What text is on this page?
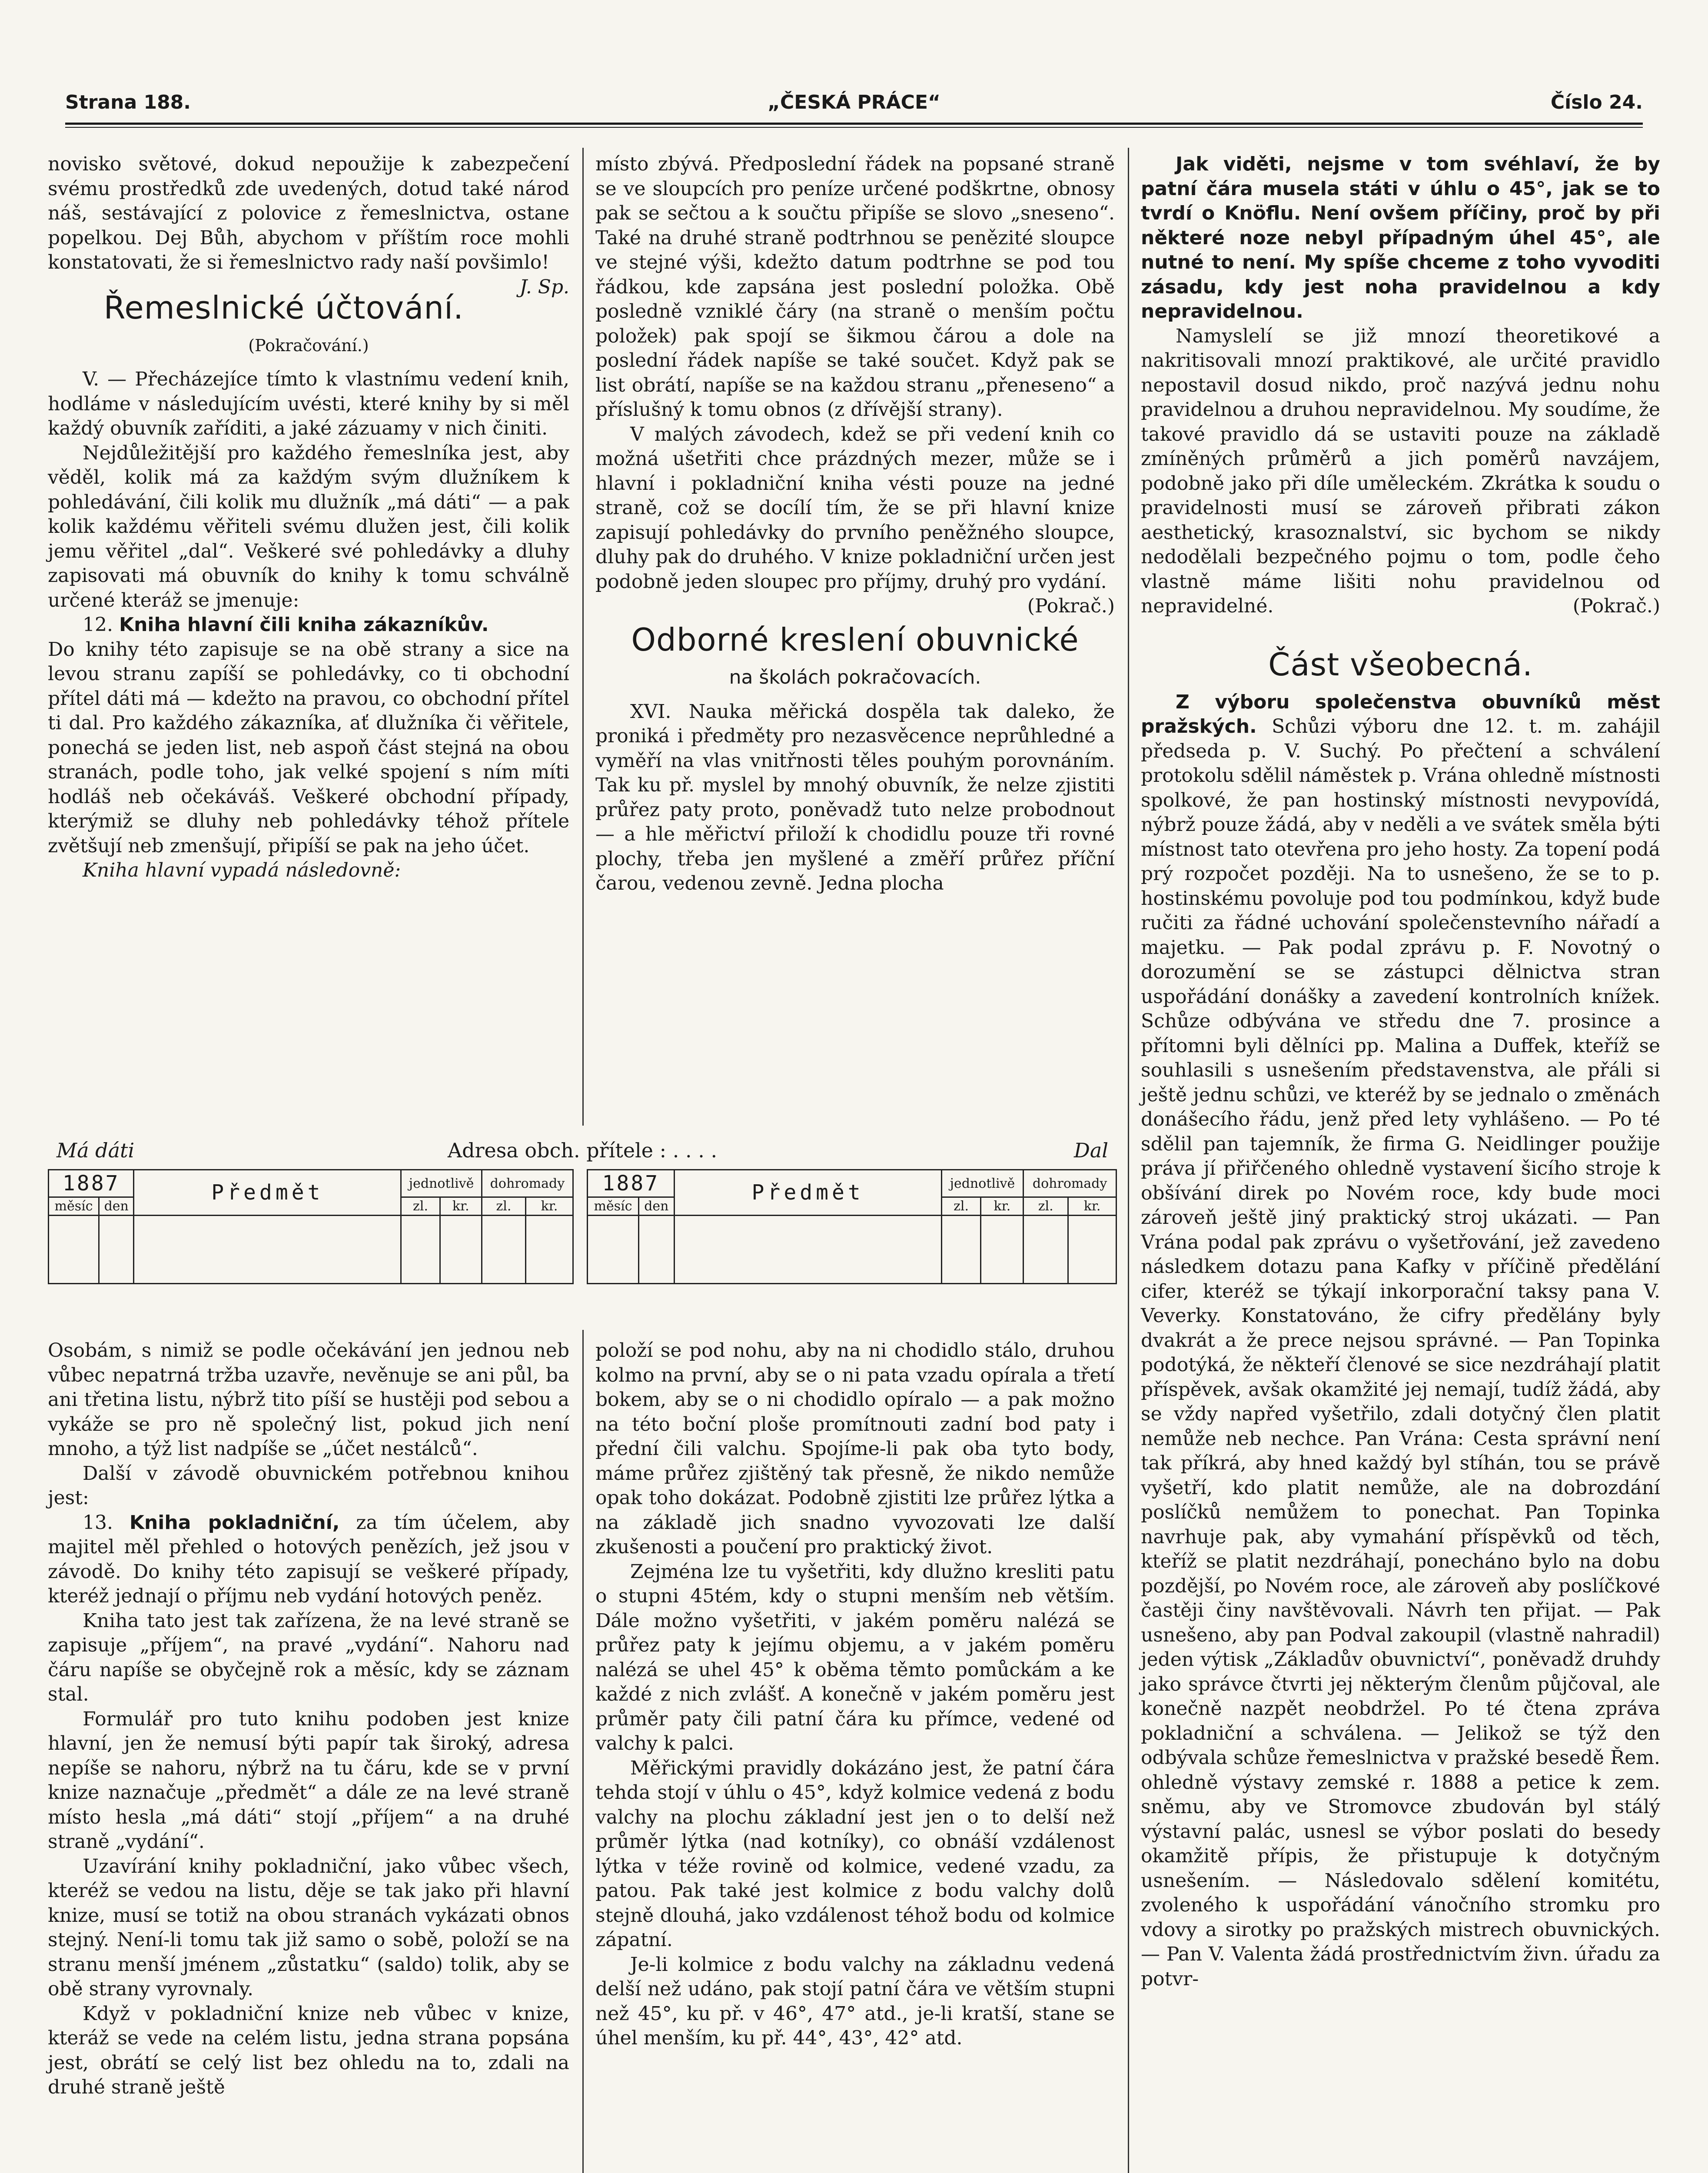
Strana 188.	„ČESKÁ PRÁCE“	Číslo 24.

novisko světové, dokud nepoužije k zabezpečení svému prostředků zde uvedených, dotud také národ náš, sestávající z polovice z řemeslnictva, ostane popelkou. Dej Bůh, abychom v příštím roce mohli konstatovati, že si řemeslnictvo rady naší povšimlo!
J. Sp.

Řemeslnické účtování.
(Pokračování.)

V. — Přecházejíce tímto k vlastnímu vedení knih, hodláme v následujícím uvésti, které knihy by si měl každý obuvník zaříditi, a jaké zázuamy v nich činiti.

Nejdůležitější pro každého řemeslníka jest, aby věděl, kolik má za každým svým dlužníkem k pohledávání, čili kolik mu dlužník „má dáti“ — a pak kolik každému věřiteli svému dlužen jest, čili kolik jemu věřitel „dal“. Veškeré své pohledávky a dluhy zapisovati má obuvník do knihy k tomu schválně určené kteráž se jmenuje:

12. Kniha hlavní čili kniha zákazníkův.

Do knihy této zapisuje se na obě strany a sice na levou stranu zapíší se pohledávky, co ti obchodní přítel dáti má — kdežto na pravou, co obchodní přítel ti dal. Pro každého zákazníka, ať dlužníka či věřitele, ponechá se jeden list, neb aspoň část stejná na obou stranách, podle toho, jak velké spojení s ním míti hodláš neb očekáváš. Veškeré obchodní případy, kterýmiž se dluhy neb pohledávky téhož přítele zvětšují neb zmenšují, připíší se pak na jeho účet.

Kniha hlavní vypadá následovně:

místo zbývá. Předposlední řádek na popsané straně se ve sloupcích pro peníze určené podškrtne, obnosy pak se sečtou a k součtu připíše se slovo „sneseno“. Také na druhé straně podtrhnou se penězité sloupce ve stejné výši, kdežto datum podtrhne se pod tou řádkou, kde zapsána jest poslední položka. Obě posledně vzniklé čáry (na straně o menším počtu položek) pak spojí se šikmou čárou a dole na poslední řádek napíše se také součet. Když pak se list obrátí, napíše se na každou stranu „přeneseno“ a příslušný k tomu obnos (z dřívější strany).

V malých závodech, kdež se při vedení knih co možná ušetřiti chce prázdných mezer, může se i hlavní i pokladniční kniha vésti pouze na jedné straně, což se docílí tím, že se při hlavní knize zapisují pohledávky do prvního peněžného sloupce, dluhy pak do druhého. V knize pokladniční určen jest podobně jeden sloupec pro příjmy, druhý pro vydání.
(Pokrač.)

Odborné kreslení obuvnické
na školách pokračovacích.

XVI. Nauka měřická dospěla tak daleko, že proniká i předměty pro nezasvěcence neprůhledné a vyměří na vlas vnitřnosti těles pouhým porovnáním. Tak ku př. myslel by mnohý obuvník, že nelze zjistiti průřez paty proto, poněvadž tuto nelze probodnout — a hle měřictví přiloží k chodidlu pouze tři rovné plochy, třeba jen myšlené a změří průřez příční čarou, vedenou zevně. Jedna plocha

Jak viděti, nejsme v tom svéhlaví, že by patní čára musela státi v úhlu o 45°, jak se to tvrdí o Knöflu. Není ovšem příčiny, proč by při některé noze nebyl případným úhel 45°, ale nutné to není. My spíše chceme z toho vyvoditi zásadu, kdy jest noha pravidelnou a kdy nepravidelnou.

Namyslelí se již mnozí theoretikové a nakritisovali mnozí praktikové, ale určité pravidlo nepostavil dosud nikdo, proč nazývá jednu nohu pravidelnou a druhou nepravidelnou. My soudíme, že takové pravidlo dá se ustaviti pouze na základě zmíněných průměrů a jich poměrů navzájem, podobně jako při díle uměleckém. Zkrátka k soudu o pravidelnosti musí se zároveň přibrati zákon aesthetický, krasoznalství, sic bychom se nikdy nedodělali bezpečného pojmu o tom, podle čeho vlastně máme lišiti nohu pravidelnou od nepravidelné.	(Pokrač.)

Část všeobecná.

Z výboru společenstva obuvníků měst pražských. Schůzi výboru dne 12. t. m. zahájil předseda p. V. Suchý. Po přečtení a schválení protokolu sdělil náměstek p. Vrána ohledně místnosti spolkové, že pan hostinský místnosti nevypovídá, nýbrž pouze žádá, aby v neděli a ve svátek směla býti místnost tato otevřena pro jeho hosty. Za topení podá prý rozpočet později. Na to usnešeno, že se to p. hostinskému povoluje pod tou podmínkou, když bude ručiti za řádné uchování společenstevního nářadí a majetku. — Pak podal zprávu p. F. Novotný o dorozumění se se zástupci dělnictva stran uspořádání donášky a zavedení kontrolních knížek. Schůze odbývána ve středu dne 7. prosince a přítomni byli dělníci pp. Malina a Duffek, kteříž se souhlasili s usnešením představenstva, ale přáli si ještě jednu schůzi, ve kteréž by se jednalo o změnách donášecího řádu, jenž před lety vyhlášeno. — Po té sdělil pan tajemník, že firma G. Neidlinger použije práva jí přiřčeného ohledně vystavení šicího stroje k obšívání direk po Novém roce, kdy bude moci zároveň ještě jiný praktický stroj ukázati. — Pan Vrána podal pak zprávu o vyšetřování, jež zavedeno následkem dotazu pana Kafky v příčině předělání cifer, kteréž se týkají inkorporační taksy pana V. Veverky. Konstatováno, že cifry předělány byly dvakrát a že prece nejsou správné. — Pan Topinka podotýká, že někteří členové se sice nezdráhají platit příspěvek, avšak okamžité jej nemají, tudíž žádá, aby se vždy napřed vyšetřilo, zdali dotyčný člen platit nemůže neb nechce. Pan Vrána: Cesta správní není tak příkrá, aby hned každý byl stíhán, tou se právě vyšetří, kdo platit nemůže, ale na dobrozdání poslíčků nemůžem to ponechat. Pan Topinka navrhuje pak, aby vymahání příspěvků od těch, kteříž se platit nezdráhají, ponecháno bylo na dobu pozdější, po Novém roce, ale zároveň aby poslíčkové častěji činy navštěvovali. Návrh ten přijat. — Pak usnešeno, aby pan Podval zakoupil (vlastně nahradil) jeden výtisk „Základův obuvnictví“, poněvadž druhdy jako správce čtvrti jej některým členům půjčoval, ale konečně nazpět neobdržel. Po té čtena zpráva pokladniční a schválena. — Jelikož se týž den odbývala schůze řemeslnictva v pražské besedě Řem. ohledně výstavy zemské r. 1888 a petice k zem. sněmu, aby ve Stromovce zbudován byl stálý výstavní palác, usnesl se výbor poslati do besedy okamžitě přípis, že přistupuje k dotyčným usnešením. — Následovalo sdělení komitétu, zvoleného k uspořádání vánočního stromku pro vdovy a sirotky po pražských mistrech obuvnických. — Pan V. Valenta žádá prostřednictvím živn. úřadu za potvr-

Má dáti	Adresa obch. přítele : . . . .	Dal
1887		Předmět	jednotlivě		dohromady	
měsíc	den		zl.	kr.	zl.	kr.

1887		Předmět	jednotlivě		dohromady	
měsíc	den		zl.	kr.	zl.	kr.

Osobám, s nimiž se podle očekávání jen jednou neb vůbec nepatrná tržba uzavře, nevěnuje se ani půl, ba ani třetina listu, nýbrž tito píší se hustěji pod sebou a vykáže se pro ně společný list, pokud jich není mnoho, a týž list nadpíše se „účet nestálců“.

Další v závodě obuvnickém potřebnou knihou jest:

13. Kniha pokladniční, za tím účelem, aby majitel měl přehled o hotových penězích, jež jsou v závodě. Do knihy této zapisují se veškeré případy, kteréž jednají o příjmu neb vydání hotových peněz.

Kniha tato jest tak zařízena, že na levé straně se zapisuje „příjem“, na pravé „vydání“. Nahoru nad čáru napíše se obyčejně rok a měsíc, kdy se záznam stal.

Formulář pro tuto knihu podoben jest knize hlavní, jen že nemusí býti papír tak široký, adresa nepíše se nahoru, nýbrž na tu čáru, kde se v první knize naznačuje „předmět“ a dále ze na levé straně místo hesla „má dáti“ stojí „příjem“ a na druhé straně „vydání“.

Uzavírání knihy pokladniční, jako vůbec všech, kteréž se vedou na listu, děje se tak jako při hlavní knize, musí se totiž na obou stranách vykázati obnos stejný. Není-li tomu tak již samo o sobě, položí se na stranu menší jménem „zůstatku“ (saldo) tolik, aby se obě strany vyrovnaly.

Když v pokladniční knize neb vůbec v knize, kteráž se vede na celém listu, jedna strana popsána jest, obrátí se celý list bez ohledu na to, zdali na druhé straně ještě

položí se pod nohu, aby na ni chodidlo stálo, druhou kolmo na první, aby se o ni pata vzadu opírala a třetí bokem, aby se o ni chodidlo opíralo — a pak možno na této boční ploše promítnouti zadní bod paty i přední čili valchu. Spojíme-li pak oba tyto body, máme průřez zjištěný tak přesně, že nikdo nemůže opak toho dokázat. Podobně zjistiti lze průřez lýtka a na základě jich snadno vyvozovati lze další zkušenosti a poučení pro praktický život.

Zejména lze tu vyšetřiti, kdy dlužno kresliti patu o stupni 45tém, kdy o stupni menším neb větším. Dále možno vyšetřiti, v jakém poměru nalézá se průřez paty k jejímu objemu, a v jakém poměru nalézá se uhel 45° k oběma těmto pomůckám a ke každé z nich zvlášť. A konečně v jakém poměru jest průměr paty čili patní čára ku přímce, vedené od valchy k palci.

Měřickými pravidly dokázáno jest, že patní čára tehda stojí v úhlu o 45°, když kolmice vedená z bodu valchy na plochu základní jest jen o to delší než průměr lýtka (nad kotníky), co obnáší vzdálenost lýtka v téže rovině od kolmice, vedené vzadu, za patou. Pak také jest kolmice z bodu valchy dolů stejně dlouhá, jako vzdálenost téhož bodu od kolmice zápatní.

Je-li kolmice z bodu valchy na základnu vedená delší než udáno, pak stojí patní čára ve větším stupni než 45°, ku př. v 46°, 47° atd., je-li kratší, stane se úhel menším, ku př. 44°, 43°, 42° atd.
